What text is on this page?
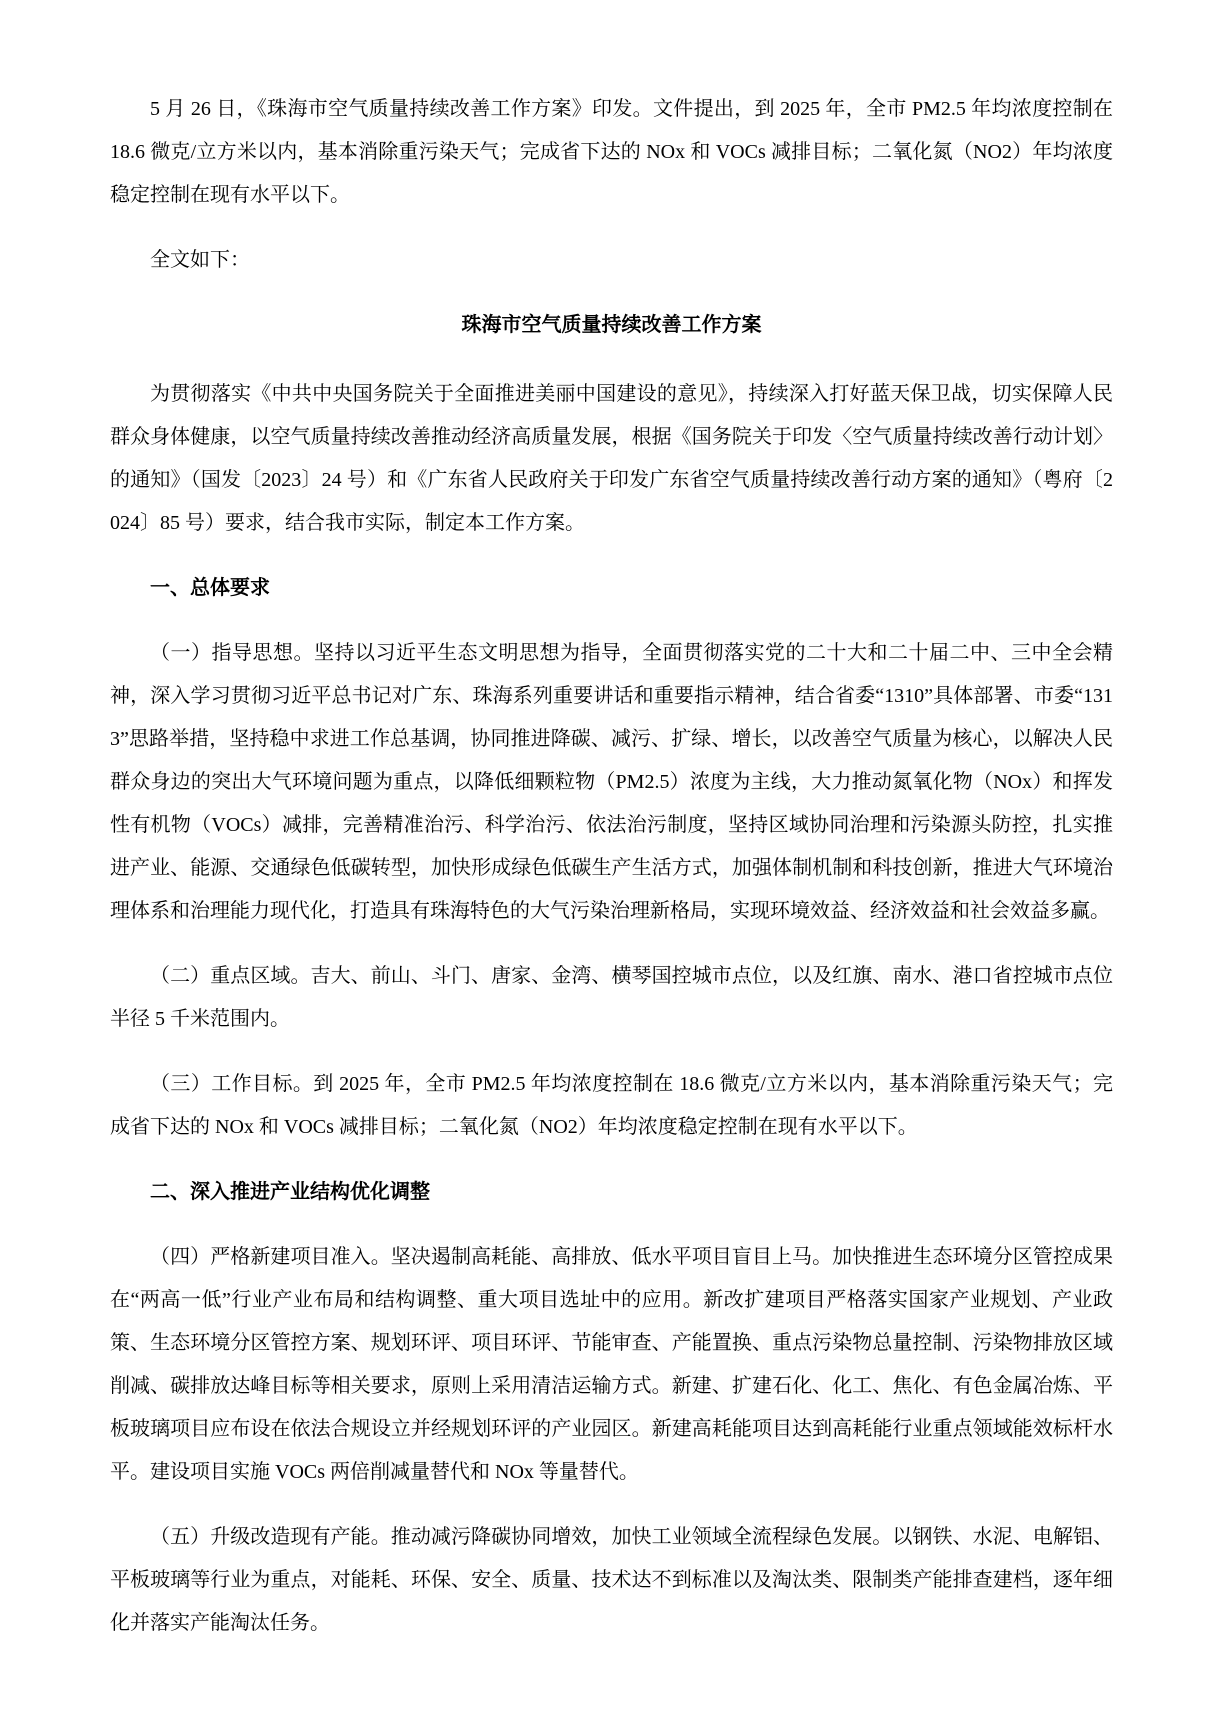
5 月 26 日，《珠海市空气质量持续改善工作方案》印发。文件提出，到 2025 年，全市 PM2.5 年均浓度控制在 18.6 微克/立方米以内，基本消除重污染天气；完成省下达的 NOx 和 VOCs 减排目标；二氧化氮（NO2）年均浓度稳定控制在现有水平以下。

全文如下：

珠海市空气质量持续改善工作方案

为贯彻落实《中共中央国务院关于全面推进美丽中国建设的意见》，持续深入打好蓝天保卫战，切实保障人民群众身体健康，以空气质量持续改善推动经济高质量发展，根据《国务院关于印发〈空气质量持续改善行动计划〉的通知》（国发〔2023〕24 号）和《广东省人民政府关于印发广东省空气质量持续改善行动方案的通知》（粤府〔2024〕85 号）要求，结合我市实际，制定本工作方案。

一、总体要求

（一）指导思想。坚持以习近平生态文明思想为指导，全面贯彻落实党的二十大和二十届二中、三中全会精神，深入学习贯彻习近平总书记对广东、珠海系列重要讲话和重要指示精神，结合省委“1310”具体部署、市委“1313”思路举措，坚持稳中求进工作总基调，协同推进降碳、减污、扩绿、增长，以改善空气质量为核心，以解决人民群众身边的突出大气环境问题为重点，以降低细颗粒物（PM2.5）浓度为主线，大力推动氮氧化物（NOx）和挥发性有机物（VOCs）减排，完善精准治污、科学治污、依法治污制度，坚持区域协同治理和污染源头防控，扎实推进产业、能源、交通绿色低碳转型，加快形成绿色低碳生产生活方式，加强体制机制和科技创新，推进大气环境治理体系和治理能力现代化，打造具有珠海特色的大气污染治理新格局，实现环境效益、经济效益和社会效益多赢。

（二）重点区域。吉大、前山、斗门、唐家、金湾、横琴国控城市点位，以及红旗、南水、港口省控城市点位半径 5 千米范围内。

（三）工作目标。到 2025 年，全市 PM2.5 年均浓度控制在 18.6 微克/立方米以内，基本消除重污染天气；完成省下达的 NOx 和 VOCs 减排目标；二氧化氮（NO2）年均浓度稳定控制在现有水平以下。

二、深入推进产业结构优化调整

（四）严格新建项目准入。坚决遏制高耗能、高排放、低水平项目盲目上马。加快推进生态环境分区管控成果在“两高一低”行业产业布局和结构调整、重大项目选址中的应用。新改扩建项目严格落实国家产业规划、产业政策、生态环境分区管控方案、规划环评、项目环评、节能审查、产能置换、重点污染物总量控制、污染物排放区域削减、碳排放达峰目标等相关要求，原则上采用清洁运输方式。新建、扩建石化、化工、焦化、有色金属冶炼、平板玻璃项目应布设在依法合规设立并经规划环评的产业园区。新建高耗能项目达到高耗能行业重点领域能效标杆水平。建设项目实施 VOCs 两倍削减量替代和 NOx 等量替代。

（五）升级改造现有产能。推动减污降碳协同增效，加快工业领域全流程绿色发展。以钢铁、水泥、电解铝、平板玻璃等行业为重点，对能耗、环保、安全、质量、技术达不到标准以及淘汰类、限制类产能排查建档，逐年细化并落实产能淘汰任务。
